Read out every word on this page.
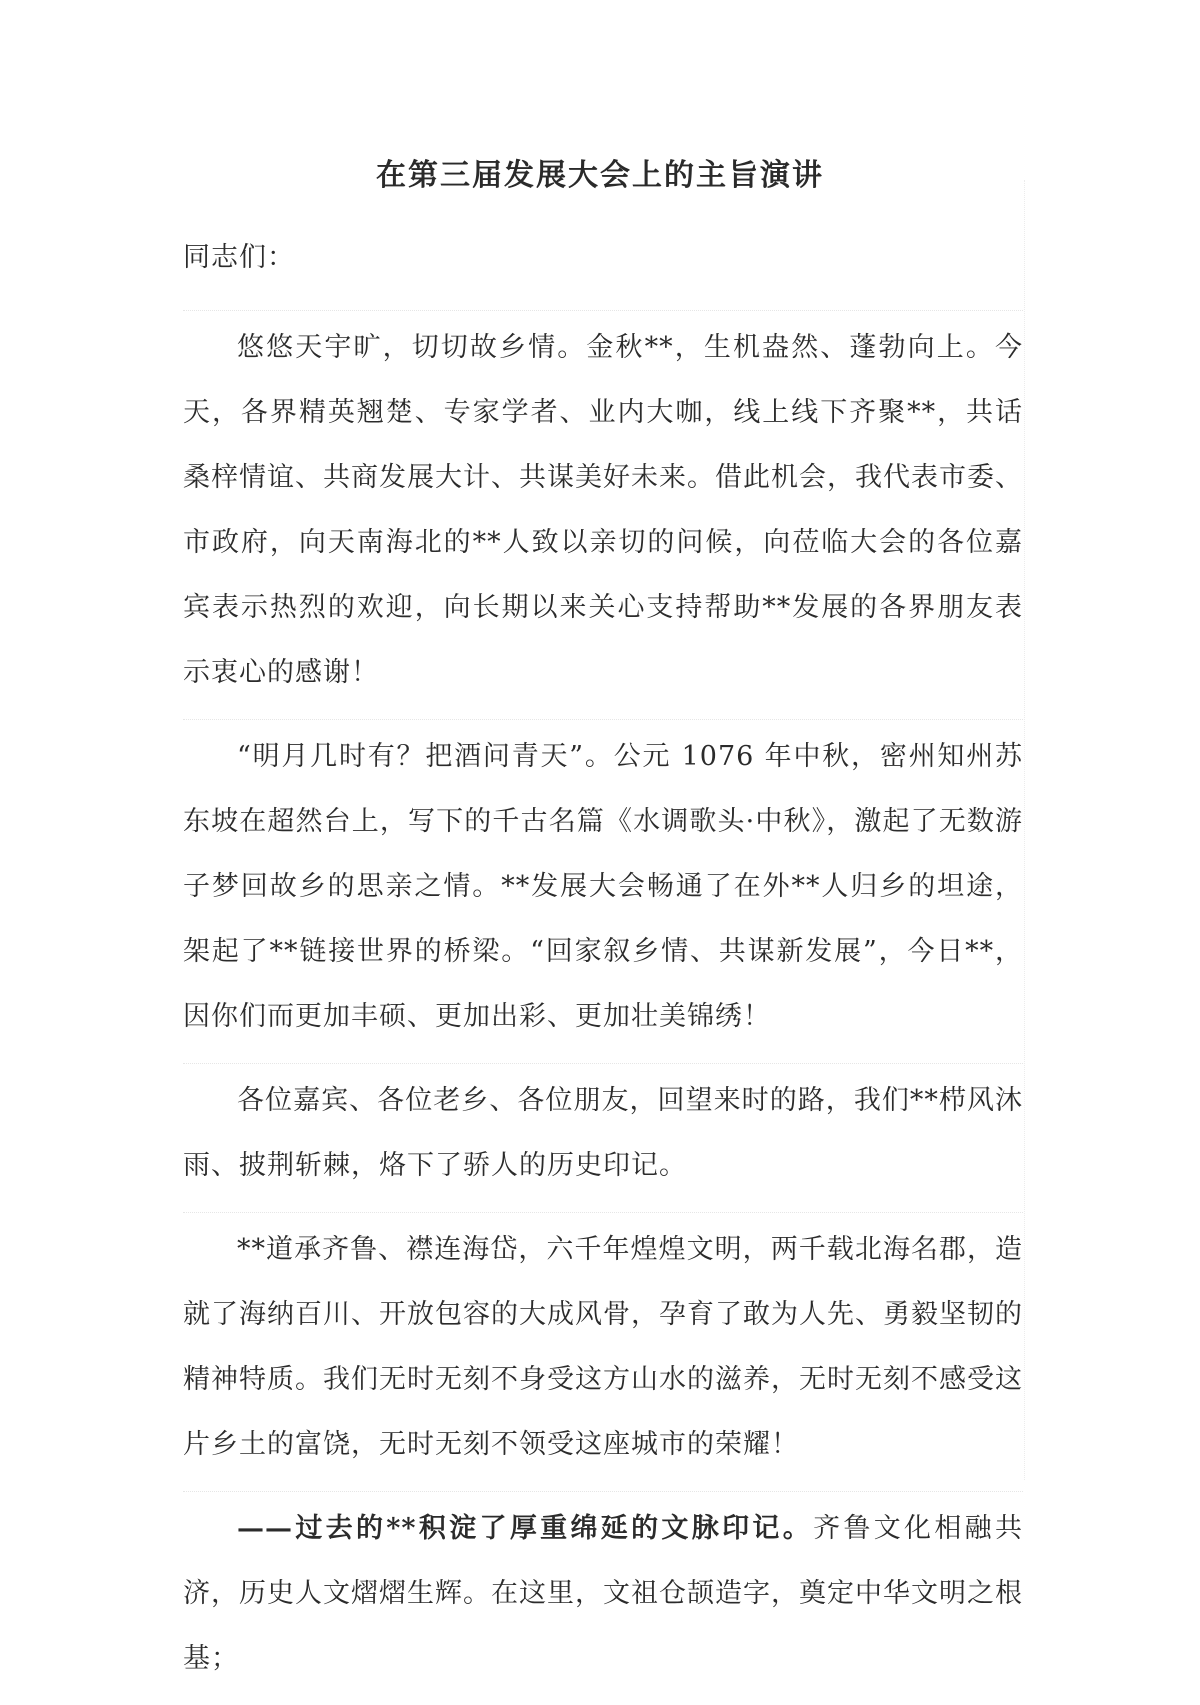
在第三届发展大会上的主旨演讲

同志们：

悠悠天宇旷，切切故乡情。金秋**，生机盎然、蓬勃向上。今天，各界精英翘楚、专家学者、业内大咖，线上线下齐聚**，共话桑梓情谊、共商发展大计、共谋美好未来。借此机会，我代表市委、市政府，向天南海北的**人致以亲切的问候，向莅临大会的各位嘉宾表示热烈的欢迎，向长期以来关心支持帮助**发展的各界朋友表示衷心的感谢！

“明月几时有？把酒问青天”。公元 1076 年中秋，密州知州苏东坡在超然台上，写下的千古名篇《水调歌头·中秋》，激起了无数游子梦回故乡的思亲之情。**发展大会畅通了在外**人归乡的坦途，架起了**链接世界的桥梁。“回家叙乡情、共谋新发展”，今日**，因你们而更加丰硕、更加出彩、更加壮美锦绣！

各位嘉宾、各位老乡、各位朋友，回望来时的路，我们**栉风沐雨、披荆斩棘，烙下了骄人的历史印记。

**道承齐鲁、襟连海岱，六千年煌煌文明，两千载北海名郡，造就了海纳百川、开放包容的大成风骨，孕育了敢为人先、勇毅坚韧的精神特质。我们无时无刻不身受这方山水的滋养，无时无刻不感受这片乡土的富饶，无时无刻不领受这座城市的荣耀！

——过去的**积淀了厚重绵延的文脉印记。齐鲁文化相融共济，历史人文熠熠生辉。在这里，文祖仓颉造字，奠定中华文明之根基；
